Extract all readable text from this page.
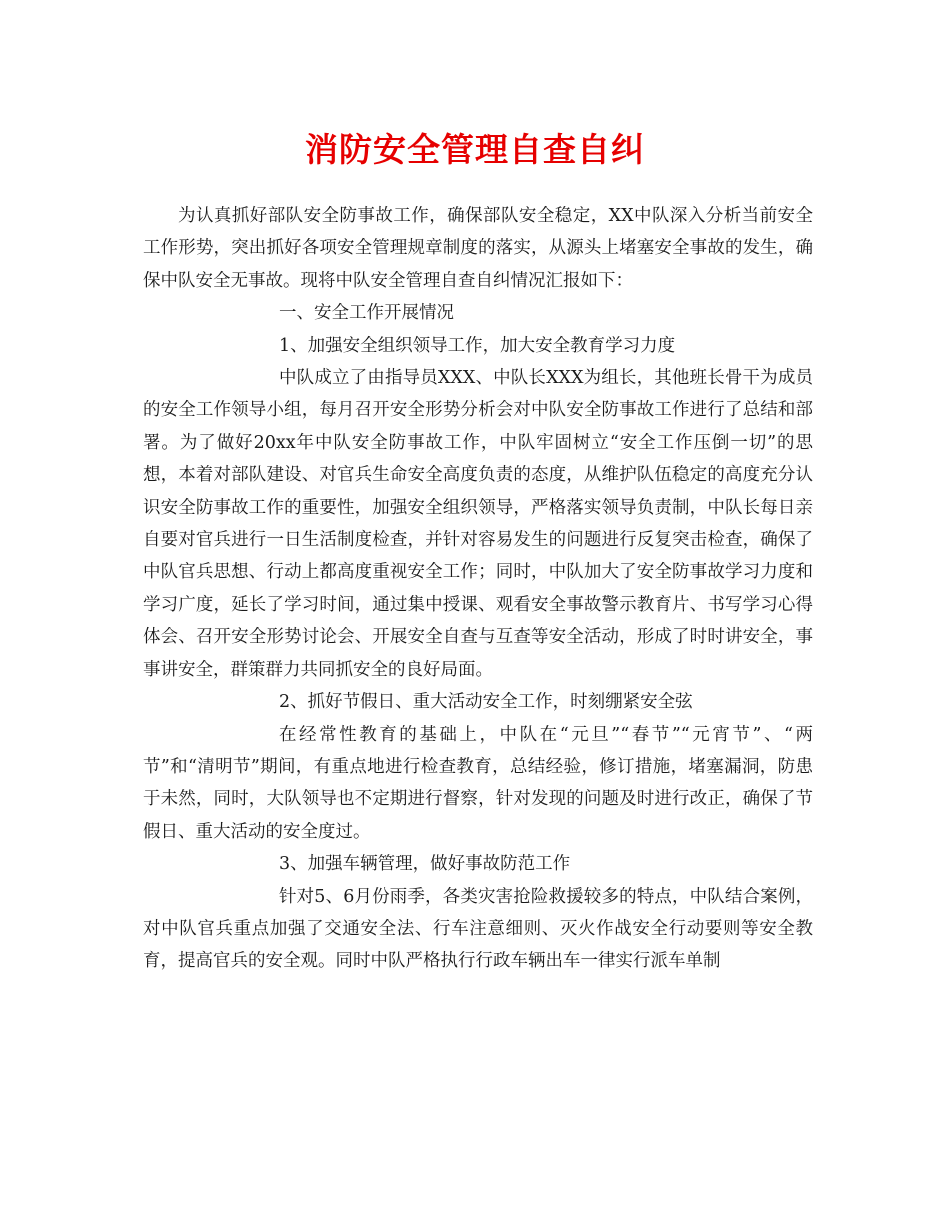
消防安全管理自查自纠

为认真抓好部队安全防事故工作，确保部队安全稳定，XX中队深入分析当前安全工作形势，突出抓好各项安全管理规章制度的落实，从源头上堵塞安全事故的发生，确保中队安全无事故。现将中队安全管理自查自纠情况汇报如下：

一、安全工作开展情况

1、加强安全组织领导工作，加大安全教育学习力度

中队成立了由指导员XXX、中队长XXX为组长，其他班长骨干为成员的安全工作领导小组，每月召开安全形势分析会对中队安全防事故工作进行了总结和部署。为了做好20xx年中队安全防事故工作，中队牢固树立“安全工作压倒一切”的思想，本着对部队建设、对官兵生命安全高度负责的态度，从维护队伍稳定的高度充分认识安全防事故工作的重要性，加强安全组织领导，严格落实领导负责制，中队长每日亲自要对官兵进行一日生活制度检查，并针对容易发生的问题进行反复突击检查，确保了中队官兵思想、行动上都高度重视安全工作；同时，中队加大了安全防事故学习力度和学习广度，延长了学习时间，通过集中授课、观看安全事故警示教育片、书写学习心得体会、召开安全形势讨论会、开展安全自查与互查等安全活动，形成了时时讲安全，事事讲安全，群策群力共同抓安全的良好局面。

2、抓好节假日、重大活动安全工作，时刻绷紧安全弦

在经常性教育的基础上，中队在“元旦”“春节”“元宵节”、“两节”和“清明节”期间，有重点地进行检查教育，总结经验，修订措施，堵塞漏洞，防患于未然，同时，大队领导也不定期进行督察，针对发现的问题及时进行改正，确保了节假日、重大活动的安全度过。

3、加强车辆管理，做好事故防范工作

针对5、6月份雨季，各类灾害抢险救援较多的特点，中队结合案例，对中队官兵重点加强了交通安全法、行车注意细则、灭火作战安全行动要则等安全教育，提高官兵的安全观。同时中队严格执行行政车辆出车一律实行派车单制
